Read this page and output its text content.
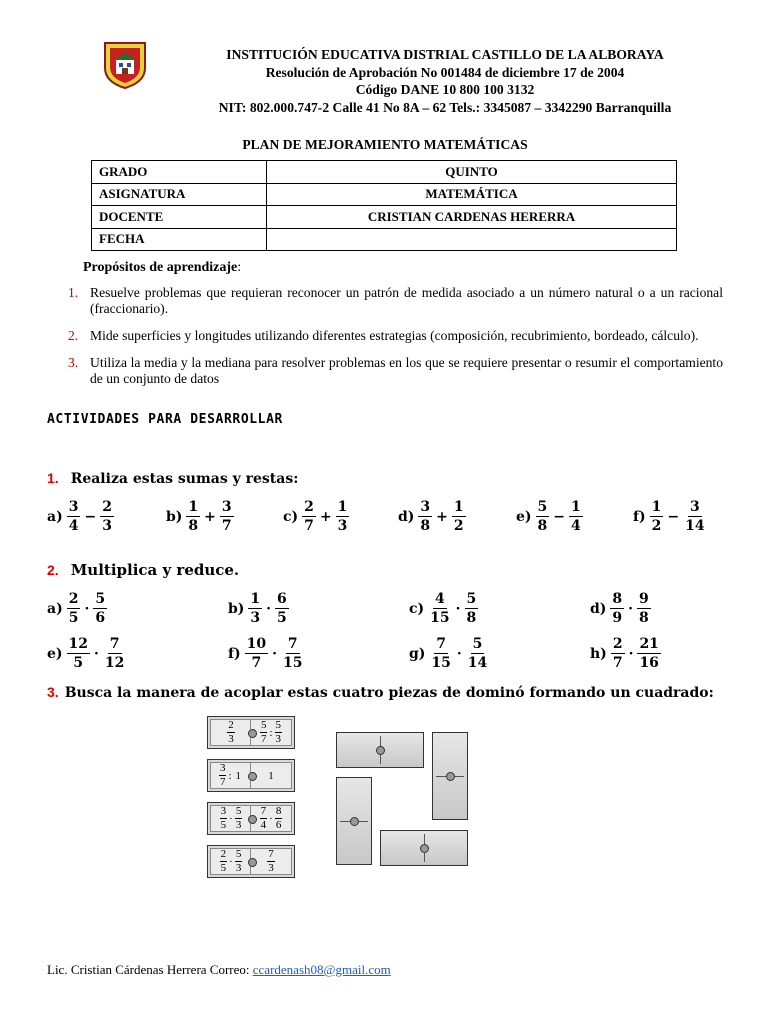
INSTITUCIÓN EDUCATIVA DISTRIAL CASTILLO DE LA ALBORAYA
Resolución de Aprobación No 001484 de diciembre 17 de 2004
Código DANE 10 800 100 3132
NIT: 802.000.747-2 Calle 41 No 8A – 62 Tels.: 3345087 – 3342290 Barranquilla
PLAN DE MEJORAMIENTO MATEMÁTICAS
GRADO	QUINTO
ASIGNATURA	MATEMÁTICA
DOCENTE	CRISTIAN CARDENAS HERERRA
FECHA	
Propósitos de aprendizaje:
1. Resuelve problemas que requieran reconocer un patrón de medida asociado a un número natural o a un racional (fraccionario).
2. Mide superficies y longitudes utilizando diferentes estrategias (composición, recubrimiento, bordeado, cálculo).
3. Utiliza la media y la mediana para resolver problemas en los que se requiere presentar o resumir el comportamiento de un conjunto de datos
ACTIVIDADES PARA DESARROLLAR
1. Realiza estas sumas y restas:
2. Multiplica y reduce.
3. Busca la manera de acoplar estas cuatro piezas de dominó formando un cuadrado:
$\frac{2}{3} \frac{5}{7}$ : $\frac{5}{3}$
$\frac{3}{7}$ : 1 1
$\frac{3}{5} \cdot \frac{5}{3} \frac{7}{4} \cdot \frac{8}{6}$
$\frac{2}{5} \cdot \frac{5}{3} \frac{7}{3}$
Lic. Cristian Cárdenas Herrera Correo: ccardenash08@gmail.com
$a) \frac{3}{4} - \frac{2}{3}$	$b) \frac{1}{8} + \frac{3}{7}$	$c) \frac{2}{7} + \frac{1}{3}$	$d) \frac{3}{8} + \frac{1}{2}$	$e) \frac{5}{8} - \frac{1}{4}$	$f) \frac{1}{2} - \frac{3}{14}$
$a) \frac{2}{5} \cdot \frac{5}{6}$	$b) \frac{1}{3} \cdot \frac{6}{5}$	$c) \frac{4}{15} \cdot \frac{5}{8}$	$d) \frac{8}{9} \cdot \frac{9}{8}$
$e) \frac{12}{5} \cdot \frac{7}{12}$	$f) \frac{10}{7} \cdot \frac{7}{15}$	$g) \frac{7}{15} \cdot \frac{5}{14}$	$h) \frac{2}{7} \cdot \frac{21}{16}$
